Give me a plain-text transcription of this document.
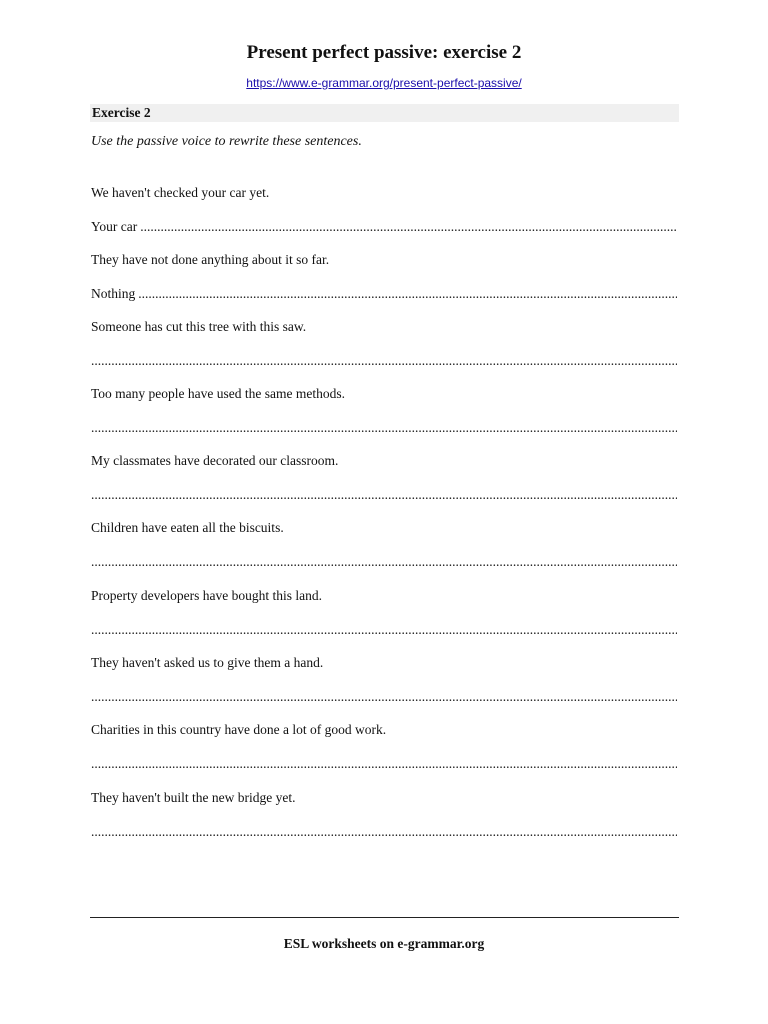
Present perfect passive: exercise 2
https://www.e-grammar.org/present-perfect-passive/
Exercise 2
Use the passive voice to rewrite these sentences.
We haven't checked your car yet.
Your car
.....
They have not done anything about it so far.
Nothing
.....
Someone has cut this tree with this saw.
.....
Too many people have used the same methods.
.....
My classmates have decorated our classroom.
.....
Children have eaten all the biscuits.
.....
Property developers have bought this land.
.....
They haven't asked us to give them a hand.
.....
Charities in this country have done a lot of good work.
.....
They haven't built the new bridge yet.
.....
ESL worksheets on e-grammar.org
